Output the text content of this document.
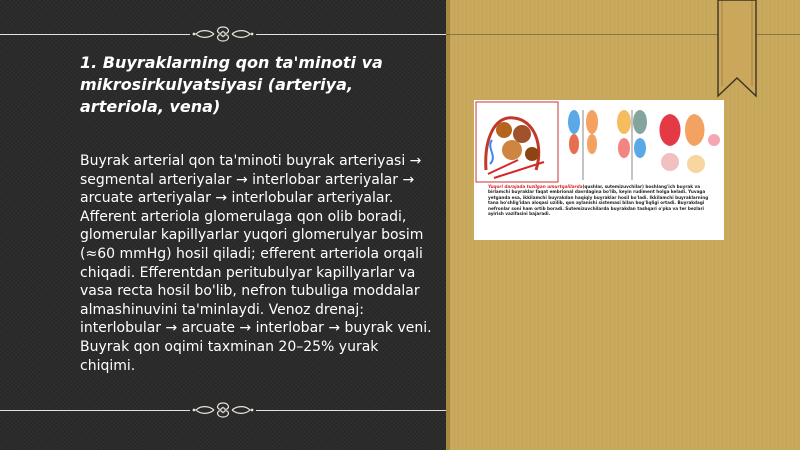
1. Buyraklarning qon ta'minoti va mikrosirkulyatsiyasi (arteriya, arteriola, vena)

Buyrak arterial qon ta'minoti buyrak arteriyasi → segmental arteriyalar → interlobar arteriyalar → arcuate arteriyalar → interlobular arteriyalar. Afferent arteriola glomerulaga qon olib boradi, glomerular kapillyarlar yuqori glomerulyar bosim (≈60 mmHg) hosil qiladi; efferent arteriola orqali chiqadi. Efferentdan peritubulyar kapillyarlar va vasa recta hosil bo'lib, nefron tubuliga moddalar almashinuvini ta'minlaydi. Venoz drenaj: interlobular → arcuate → interlobar → buyrak veni. Buyrak qon oqimi taxminan 20–25% yurak chiqimi.

Yuqori darajada tuzilgan umurtqalilarda(qushlar, sutemizuvchilar) boshlang'ich buyrak va birlamchi buyraklar faqat embrional davrdagina bo'lib, keyin rudiment holga keladi. Yuvaga yetganda esa, ikkilamchi buyrakdan haqiqiy buyraklar hosil bo'ladi. Ikkilamchi buyraklarning tana bo'shlig'idan aloqasi uzilib, qon aylanishi sistemasi bilan bog'liqligi ortadi. Buyrakdagi nefronlar soni ham ortib boradi. Sutemizuvchilarda buyrakdan tashqari o'pka va ter bezlari ayirish vazifasini bajaradi.
